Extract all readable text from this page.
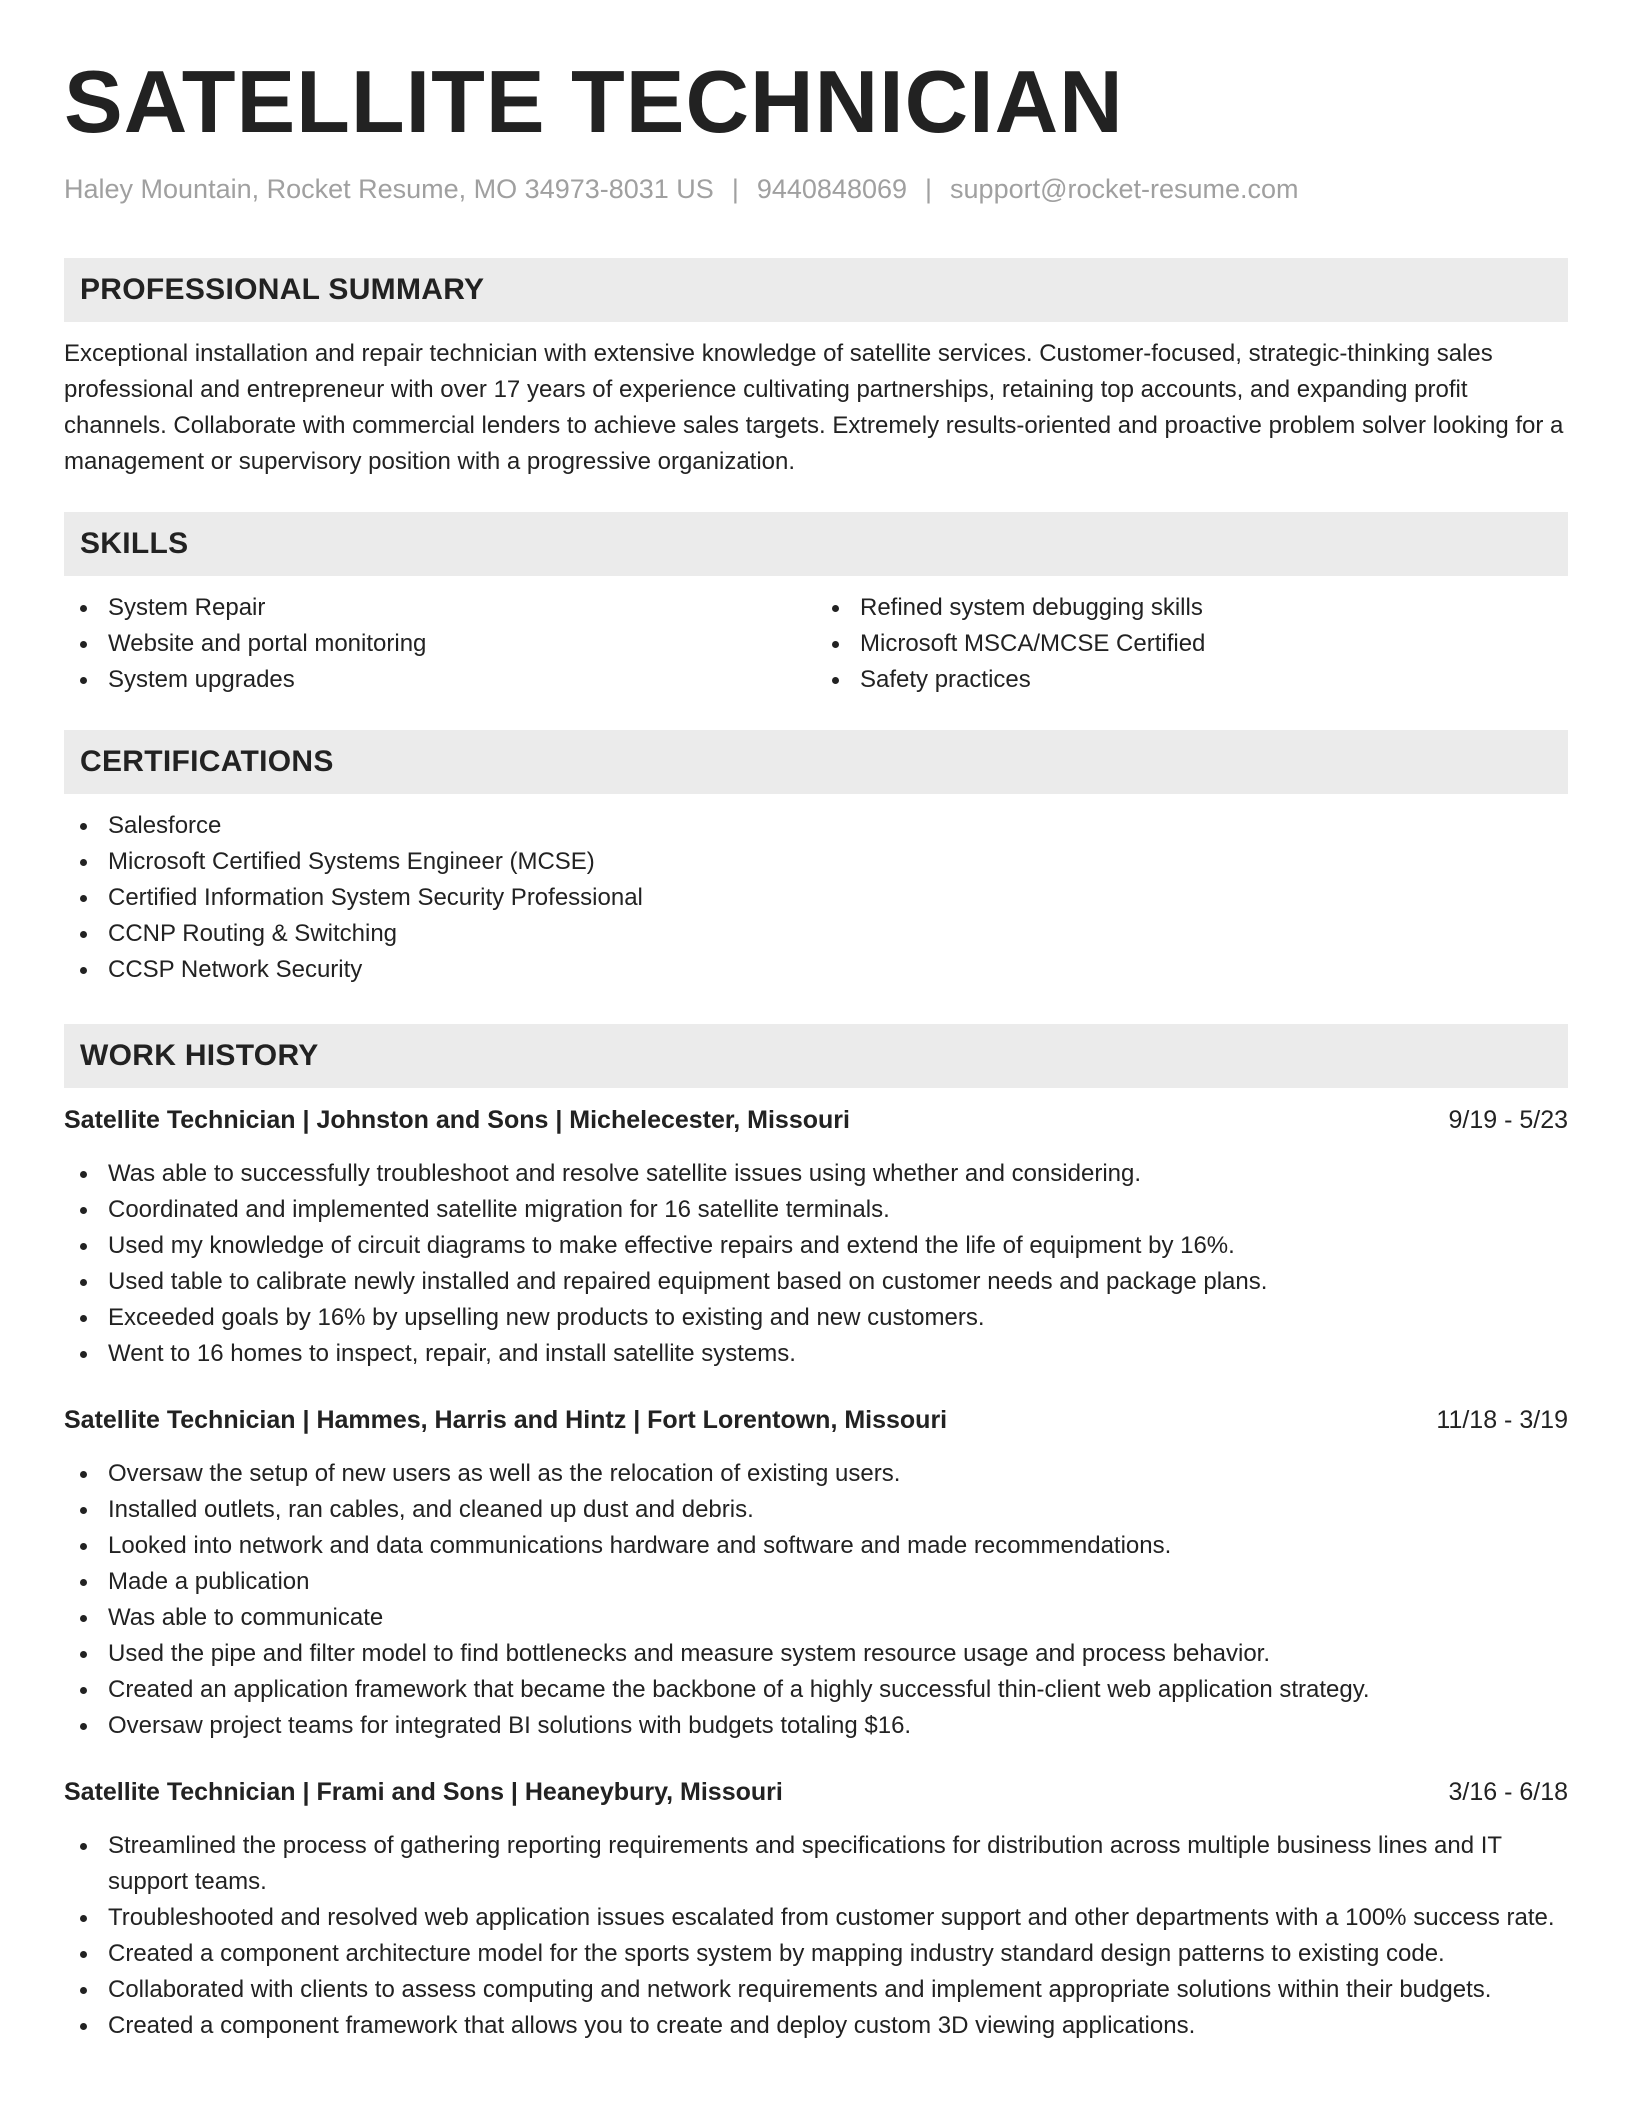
SATELLITE TECHNICIAN
Haley Mountain, Rocket Resume, MO 34973-8031 US | 9440848069 | support@rocket-resume.com
PROFESSIONAL SUMMARY
Exceptional installation and repair technician with extensive knowledge of satellite services. Customer-focused, strategic-thinking sales professional and entrepreneur with over 17 years of experience cultivating partnerships, retaining top accounts, and expanding profit channels. Collaborate with commercial lenders to achieve sales targets. Extremely results-oriented and proactive problem solver looking for a management or supervisory position with a progressive organization.
SKILLS
System Repair
Website and portal monitoring
System upgrades
Refined system debugging skills
Microsoft MSCA/MCSE Certified
Safety practices
CERTIFICATIONS
Salesforce
Microsoft Certified Systems Engineer (MCSE)
Certified Information System Security Professional
CCNP Routing & Switching
CCSP Network Security
WORK HISTORY
Satellite Technician | Johnston and Sons | Michelecester, Missouri	9/19 - 5/23
Was able to successfully troubleshoot and resolve satellite issues using whether and considering.
Coordinated and implemented satellite migration for 16 satellite terminals.
Used my knowledge of circuit diagrams to make effective repairs and extend the life of equipment by 16%.
Used table to calibrate newly installed and repaired equipment based on customer needs and package plans.
Exceeded goals by 16% by upselling new products to existing and new customers.
Went to 16 homes to inspect, repair, and install satellite systems.
Satellite Technician | Hammes, Harris and Hintz | Fort Lorentown, Missouri	11/18 - 3/19
Oversaw the setup of new users as well as the relocation of existing users.
Installed outlets, ran cables, and cleaned up dust and debris.
Looked into network and data communications hardware and software and made recommendations.
Made a publication
Was able to communicate
Used the pipe and filter model to find bottlenecks and measure system resource usage and process behavior.
Created an application framework that became the backbone of a highly successful thin-client web application strategy.
Oversaw project teams for integrated BI solutions with budgets totaling $16.
Satellite Technician | Frami and Sons | Heaneybury, Missouri	3/16 - 6/18
Streamlined the process of gathering reporting requirements and specifications for distribution across multiple business lines and IT support teams.
Troubleshooted and resolved web application issues escalated from customer support and other departments with a 100% success rate.
Created a component architecture model for the sports system by mapping industry standard design patterns to existing code.
Collaborated with clients to assess computing and network requirements and implement appropriate solutions within their budgets.
Created a component framework that allows you to create and deploy custom 3D viewing applications.
